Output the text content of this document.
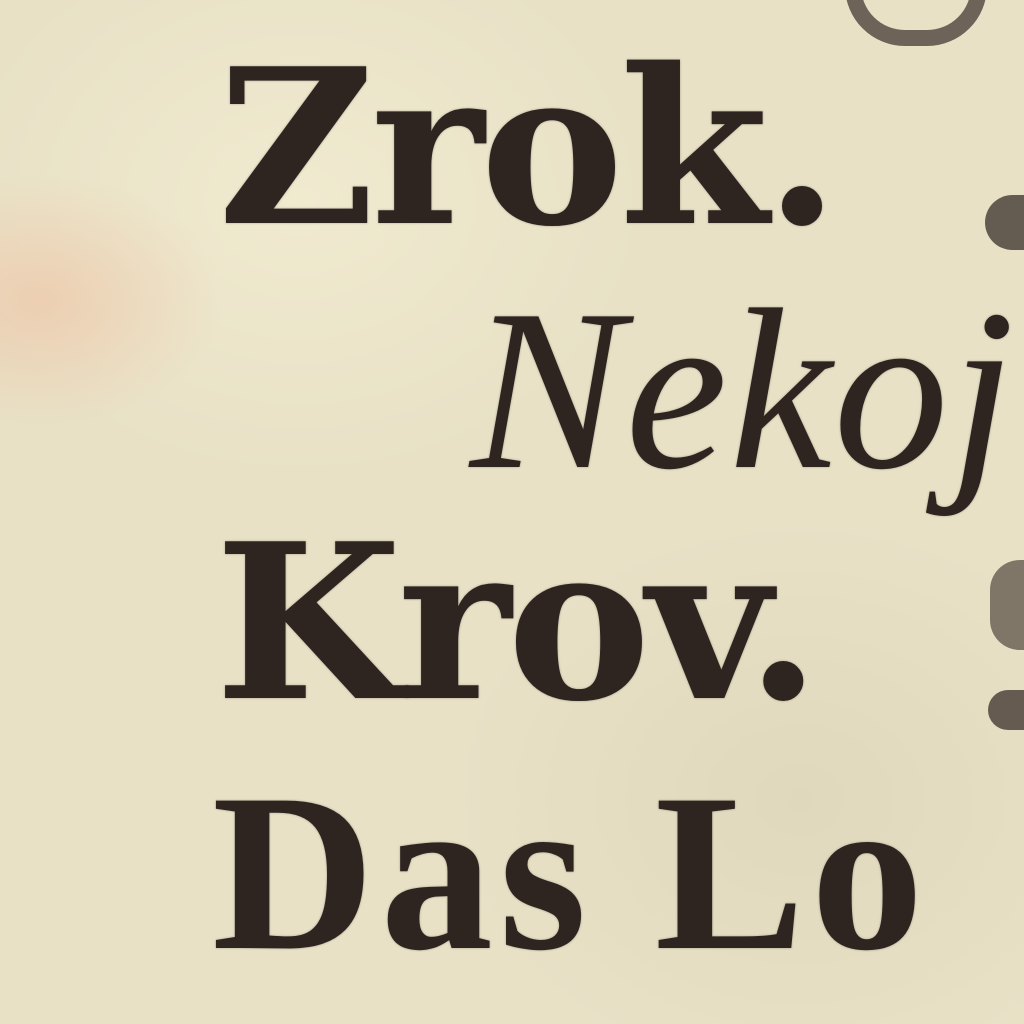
Zrok.
Nekoj
Krov.
Das Lo
